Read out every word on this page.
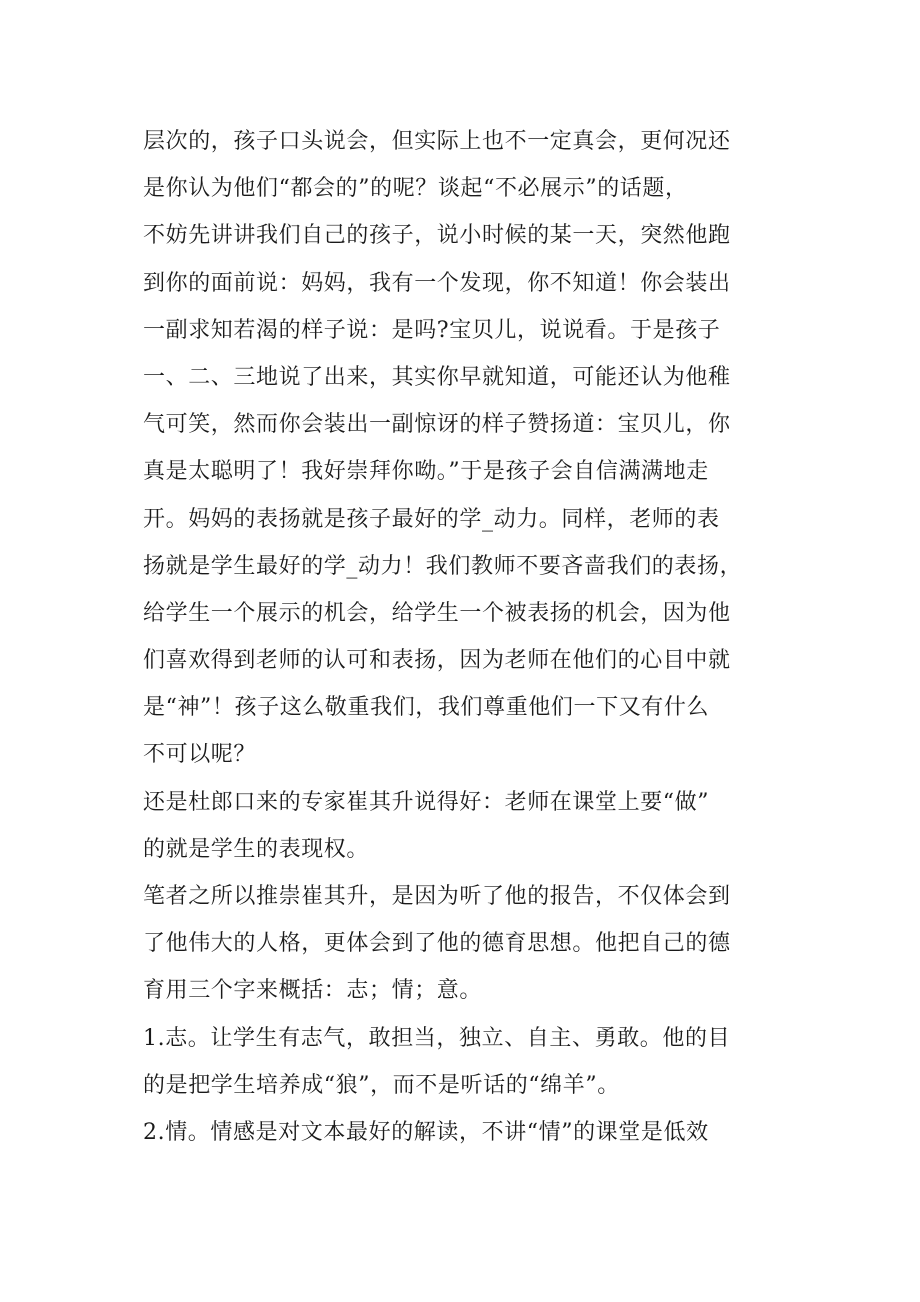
层次的，孩子口头说会，但实际上也不一定真会，更何况还
是你认为他们“都会的”的呢？谈起“不必展示”的话题，
不妨先讲讲我们自己的孩子，说小时候的某一天，突然他跑
到你的面前说：妈妈，我有一个发现，你不知道！你会装出
一副求知若渴的样子说：是吗?宝贝儿，说说看。于是孩子
一、二、三地说了出来，其实你早就知道，可能还认为他稚
气可笑，然而你会装出一副惊讶的样子赞扬道：宝贝儿，你
真是太聪明了！我好崇拜你呦。”于是孩子会自信满满地走
开。妈妈的表扬就是孩子最好的学_动力。同样，老师的表
扬就是学生最好的学_动力！我们教师不要吝啬我们的表扬，
给学生一个展示的机会，给学生一个被表扬的机会，因为他
们喜欢得到老师的认可和表扬，因为老师在他们的心目中就
是“神”！孩子这么敬重我们，我们尊重他们一下又有什么
不可以呢？
还是杜郎口来的专家崔其升说得好：老师在课堂上要“做”
的就是学生的表现权。
笔者之所以推崇崔其升，是因为听了他的报告，不仅体会到
了他伟大的人格，更体会到了他的德育思想。他把自己的德
育用三个字来概括：志；情；意。
1.志。让学生有志气，敢担当，独立、自主、勇敢。他的目
的是把学生培养成“狼”，而不是听话的“绵羊”。
2.情。情感是对文本最好的解读，不讲“情”的课堂是低效
